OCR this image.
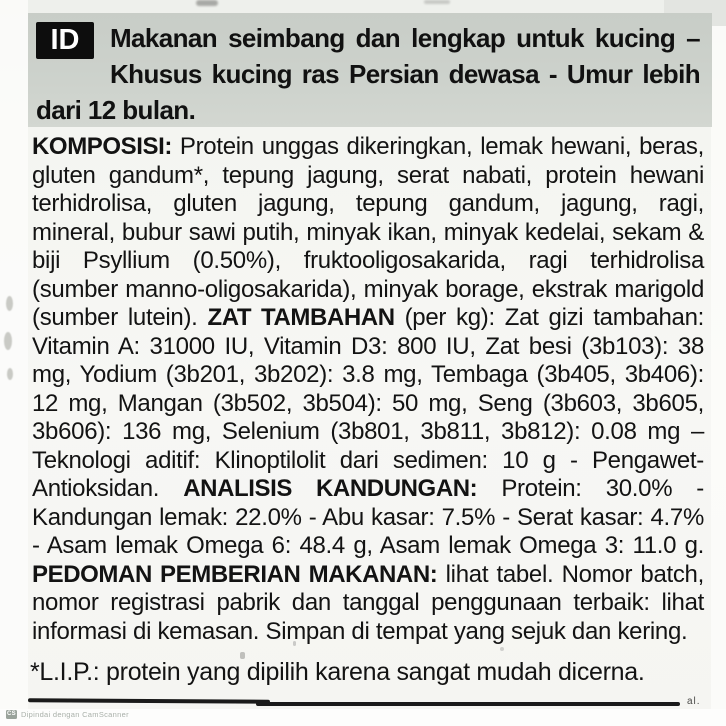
ID	Makanan seimbang dan lengkap untuk kucing – Khusus kucing ras Persian dewasa - Umur lebih dari 12 bulan.

KOMPOSISI: Protein unggas dikeringkan, lemak hewani, beras, gluten gandum*, tepung jagung, serat nabati, protein hewani terhidrolisa, gluten jagung, tepung gandum, jagung, ragi, mineral, bubur sawi putih, minyak ikan, minyak kedelai, sekam & biji Psyllium (0.50%), fruktooligosakarida, ragi terhidrolisa (sumber manno-oligosakarida), minyak borage, ekstrak marigold (sumber lutein). ZAT TAMBAHAN (per kg): Zat gizi tambahan: Vitamin A: 31000 IU, Vitamin D3: 800 IU, Zat besi (3b103): 38 mg, Yodium (3b201, 3b202): 3.8 mg, Tembaga (3b405, 3b406): 12 mg, Mangan (3b502, 3b504): 50 mg, Seng (3b603, 3b605, 3b606): 136 mg, Selenium (3b801, 3b811, 3b812): 0.08 mg – Teknologi aditif: Klinoptilolit dari sedimen: 10 g - Pengawet-Antioksidan. ANALISIS KANDUNGAN: Protein: 30.0% - Kandungan lemak: 22.0% - Abu kasar: 7.5% - Serat kasar: 4.7% - Asam lemak Omega 6: 48.4 g, Asam lemak Omega 3: 11.0 g. PEDOMAN PEMBERIAN MAKANAN: lihat tabel. Nomor batch, nomor registrasi pabrik dan tanggal penggunaan terbaik: lihat informasi di kemasan. Simpan di tempat yang sejuk dan kering.

*L.I.P.: protein yang dipilih karena sangat mudah dicerna.
al.
CS Dipindai dengan CamScanner
